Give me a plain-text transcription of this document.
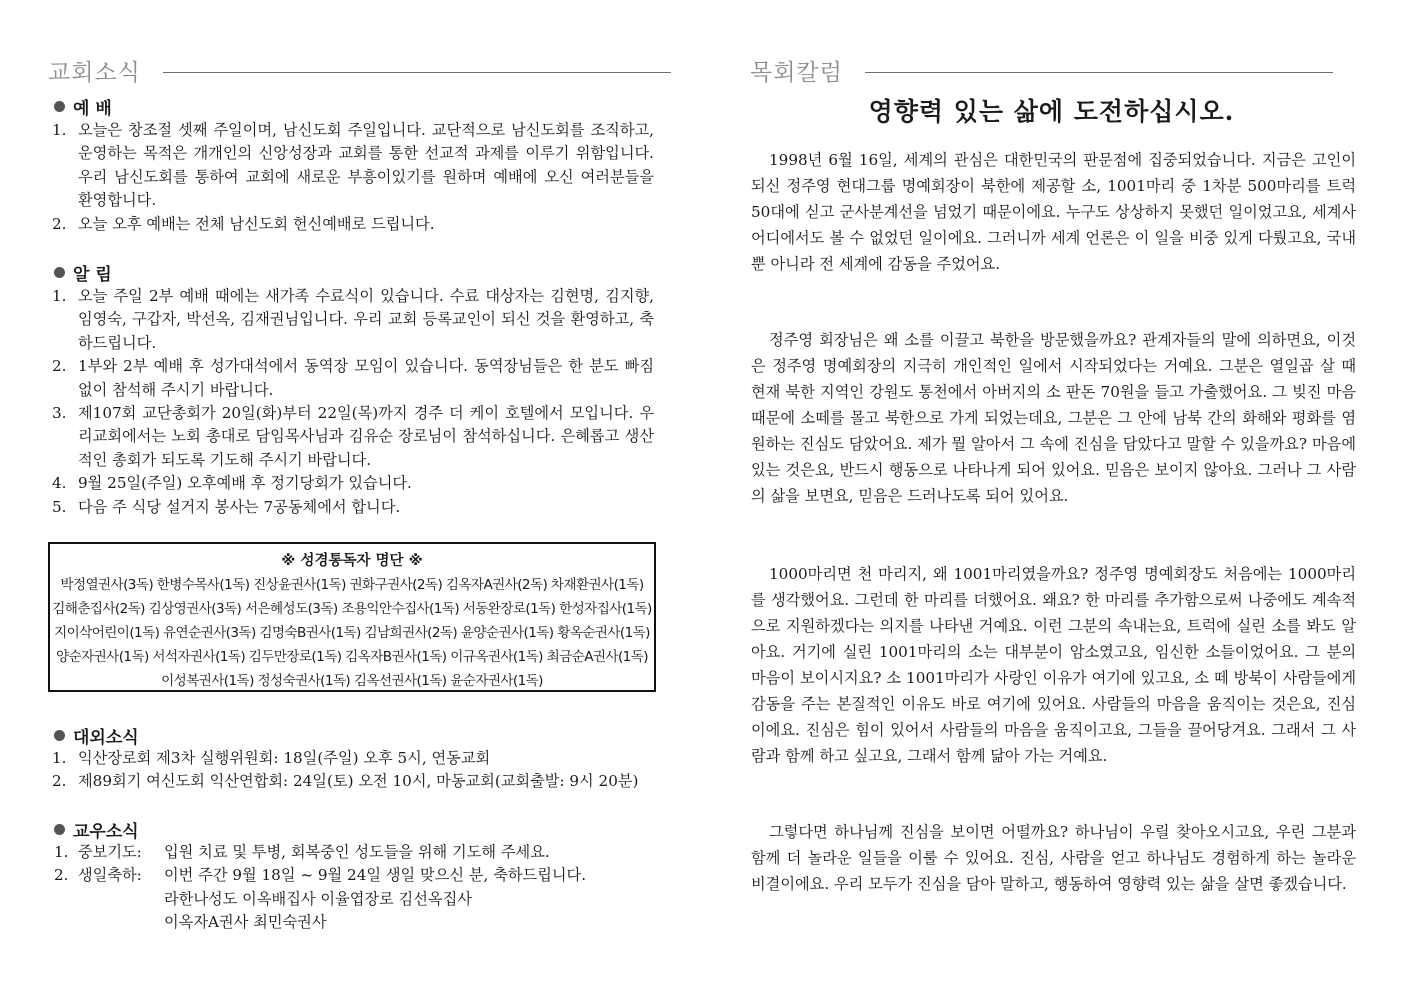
교회소식
예 배
1. 오늘은 창조절 셋째 주일이며, 남신도회 주일입니다. 교단적으로 남신도회를 조직하고, 운영하는 목적은 개개인의 신앙성장과 교회를 통한 선교적 과제를 이루기 위함입니다. 우리 남신도회를 통하여 교회에 새로운 부흥이있기를 원하며 예배에 오신 여러분들을 환영합니다.
2. 오늘 오후 예배는 전체 남신도회 헌신예배로 드립니다.
알 림
1. 오늘 주일 2부 예배 때에는 새가족 수료식이 있습니다. 수료 대상자는 김현명, 김지향, 임영숙, 구갑자, 박선옥, 김재권님입니다. 우리 교회 등록교인이 되신 것을 환영하고, 축하드립니다.
2. 1부와 2부 예배 후 성가대석에서 동역장 모임이 있습니다. 동역장님들은 한 분도 빠짐없이 참석해 주시기 바랍니다.
3. 제107회 교단총회가 20일(화)부터 22일(목)까지 경주 더 케이 호텔에서 모입니다. 우리교회에서는 노회 총대로 담임목사님과 김유순 장로님이 참석하십니다. 은혜롭고 생산적인 총회가 되도록 기도해 주시기 바랍니다.
4. 9월 25일(주일) 오후예배 후 정기당회가 있습니다.
5. 다음 주 식당 설거지 봉사는 7공동체에서 합니다.
※ 성경통독자 명단 ※
박정열권사(3독) 한병수목사(1독) 진상윤권사(1독) 권화구권사(2독) 김옥자A권사(2독) 차재환권사(1독)
김해춘집사(2독) 김상영권사(3독) 서은혜성도(3독) 조용익안수집사(1독) 서동완장로(1독) 한성자집사(1독)
지이삭어린이(1독) 유연순권사(3독) 김명숙B권사(1독) 김남희권사(2독) 윤양순권사(1독) 황옥순권사(1독)
양순자권사(1독) 서석자권사(1독) 김두만장로(1독) 김옥자B권사(1독) 이규옥권사(1독) 최금순A권사(1독)
이성복권사(1독) 정성숙권사(1독) 김옥선권사(1독) 윤순자권사(1독)
대외소식
1. 익산장로회 제3차 실행위원회: 18일(주일) 오후 5시, 연동교회
2. 제89회기 여신도회 익산연합회: 24일(토) 오전 10시, 마동교회(교회출발: 9시 20분)
교우소식
1. 중보기도:	입원 치료 및 투병, 회복중인 성도들을 위해 기도해 주세요.
2. 생일축하:	이번 주간 9월 18일 ~ 9월 24일 생일 맞으신 분, 축하드립니다.
라한나성도 이옥배집사 이율엽장로 김선옥집사
이옥자A권사 최민숙권사
목회칼럼
영향력 있는 삶에 도전하십시오.

1998년 6월 16일, 세계의 관심은 대한민국의 판문점에 집중되었습니다. 지금은 고인이 되신 정주영 현대그룹 명예회장이 북한에 제공할 소, 1001마리 중 1차분 500마리를 트럭 50대에 싣고 군사분계선을 넘었기 때문이에요. 누구도 상상하지 못했던 일이었고요, 세계사 어디에서도 볼 수 없었던 일이에요. 그러니까 세계 언론은 이 일을 비중 있게 다뤘고요, 국내 뿐 아니라 전 세계에 감동을 주었어요.

정주영 회장님은 왜 소를 이끌고 북한을 방문했을까요? 관계자들의 말에 의하면요, 이것은 정주영 명예회장의 지극히 개인적인 일에서 시작되었다는 거예요. 그분은 열일곱 살 때 현재 북한 지역인 강원도 통천에서 아버지의 소 판돈 70원을 들고 가출했어요. 그 빚진 마음 때문에 소떼를 몰고 북한으로 가게 되었는데요, 그분은 그 안에 남북 간의 화해와 평화를 염원하는 진심도 담았어요. 제가 뭘 알아서 그 속에 진심을 담았다고 말할 수 있을까요? 마음에 있는 것은요, 반드시 행동으로 나타나게 되어 있어요. 믿음은 보이지 않아요. 그러나 그 사람의 삶을 보면요, 믿음은 드러나도록 되어 있어요.

1000마리면 천 마리지, 왜 1001마리였을까요? 정주영 명예회장도 처음에는 1000마리를 생각했어요. 그런데 한 마리를 더했어요. 왜요? 한 마리를 추가함으로써 나중에도 계속적으로 지원하겠다는 의지를 나타낸 거예요. 이런 그분의 속내는요, 트럭에 실린 소를 봐도 알아요. 거기에 실린 1001마리의 소는 대부분이 암소였고요, 임신한 소들이었어요. 그 분의 마음이 보이시지요? 소 1001마리가 사랑인 이유가 여기에 있고요, 소 떼 방북이 사람들에게 감동을 주는 본질적인 이유도 바로 여기에 있어요. 사람들의 마음을 움직이는 것은요, 진심이에요. 진심은 힘이 있어서 사람들의 마음을 움직이고요, 그들을 끌어당겨요. 그래서 그 사람과 함께 하고 싶고요, 그래서 함께 닮아 가는 거예요.

그렇다면 하나님께 진심을 보이면 어떨까요? 하나님이 우릴 찾아오시고요, 우린 그분과 함께 더 놀라운 일들을 이룰 수 있어요. 진심, 사람을 얻고 하나님도 경험하게 하는 놀라운 비결이에요. 우리 모두가 진심을 담아 말하고, 행동하여 영향력 있는 삶을 살면 좋겠습니다.
